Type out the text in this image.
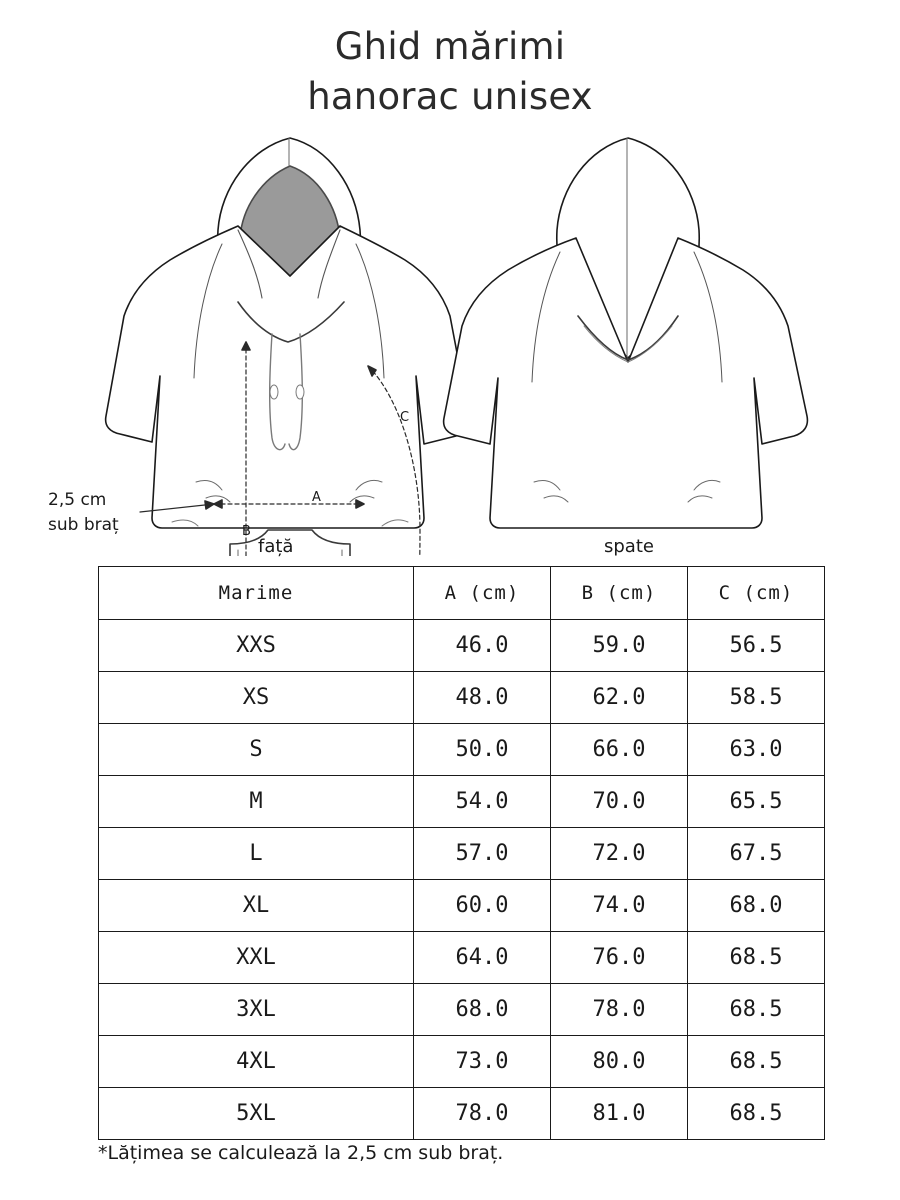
Ghid mărimi
hanorac unisex
A
B
C
2,5 cm
sub braț
față	spate
Marime	A (cm)	B (cm)	C (cm)
XXS	46.0	59.0	56.5
XS	48.0	62.0	58.5
S	50.0	66.0	63.0
M	54.0	70.0	65.5
L	57.0	72.0	67.5
XL	60.0	74.0	68.0
XXL	64.0	76.0	68.5
3XL	68.0	78.0	68.5
4XL	73.0	80.0	68.5
5XL	78.0	81.0	68.5
*Lățimea se calculează la 2,5 cm sub braț.
